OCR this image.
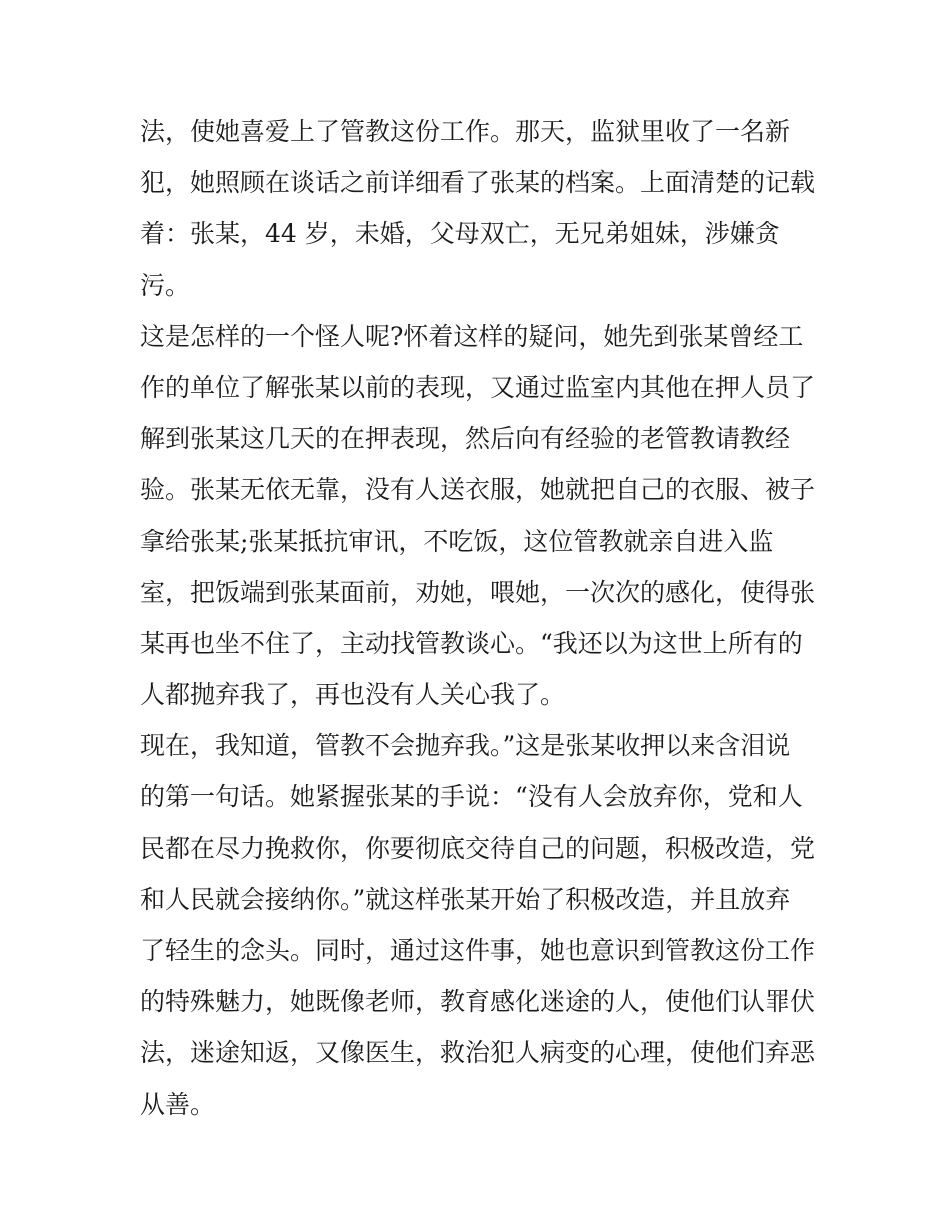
法，使她喜爱上了管教这份工作。那天，监狱里收了一名新
犯，她照顾在谈话之前详细看了张某的档案。上面清楚的记载
着：张某，44 岁，未婚，父母双亡，无兄弟姐妹，涉嫌贪
污。
这是怎样的一个怪人呢?怀着这样的疑问，她先到张某曾经工
作的单位了解张某以前的表现，又通过监室内其他在押人员了
解到张某这几天的在押表现，然后向有经验的老管教请教经
验。张某无依无靠，没有人送衣服，她就把自己的衣服、被子
拿给张某;张某抵抗审讯，不吃饭，这位管教就亲自进入监
室，把饭端到张某面前，劝她，喂她，一次次的感化，使得张
某再也坐不住了，主动找管教谈心。“我还以为这世上所有的
人都抛弃我了，再也没有人关心我了。
现在，我知道，管教不会抛弃我。”这是张某收押以来含泪说
的第一句话。她紧握张某的手说：“没有人会放弃你，党和人
民都在尽力挽救你，你要彻底交待自己的问题，积极改造，党
和人民就会接纳你。”就这样张某开始了积极改造，并且放弃
了轻生的念头。同时，通过这件事，她也意识到管教这份工作
的特殊魅力，她既像老师，教育感化迷途的人，使他们认罪伏
法，迷途知返，又像医生，救治犯人病变的心理，使他们弃恶
从善。
